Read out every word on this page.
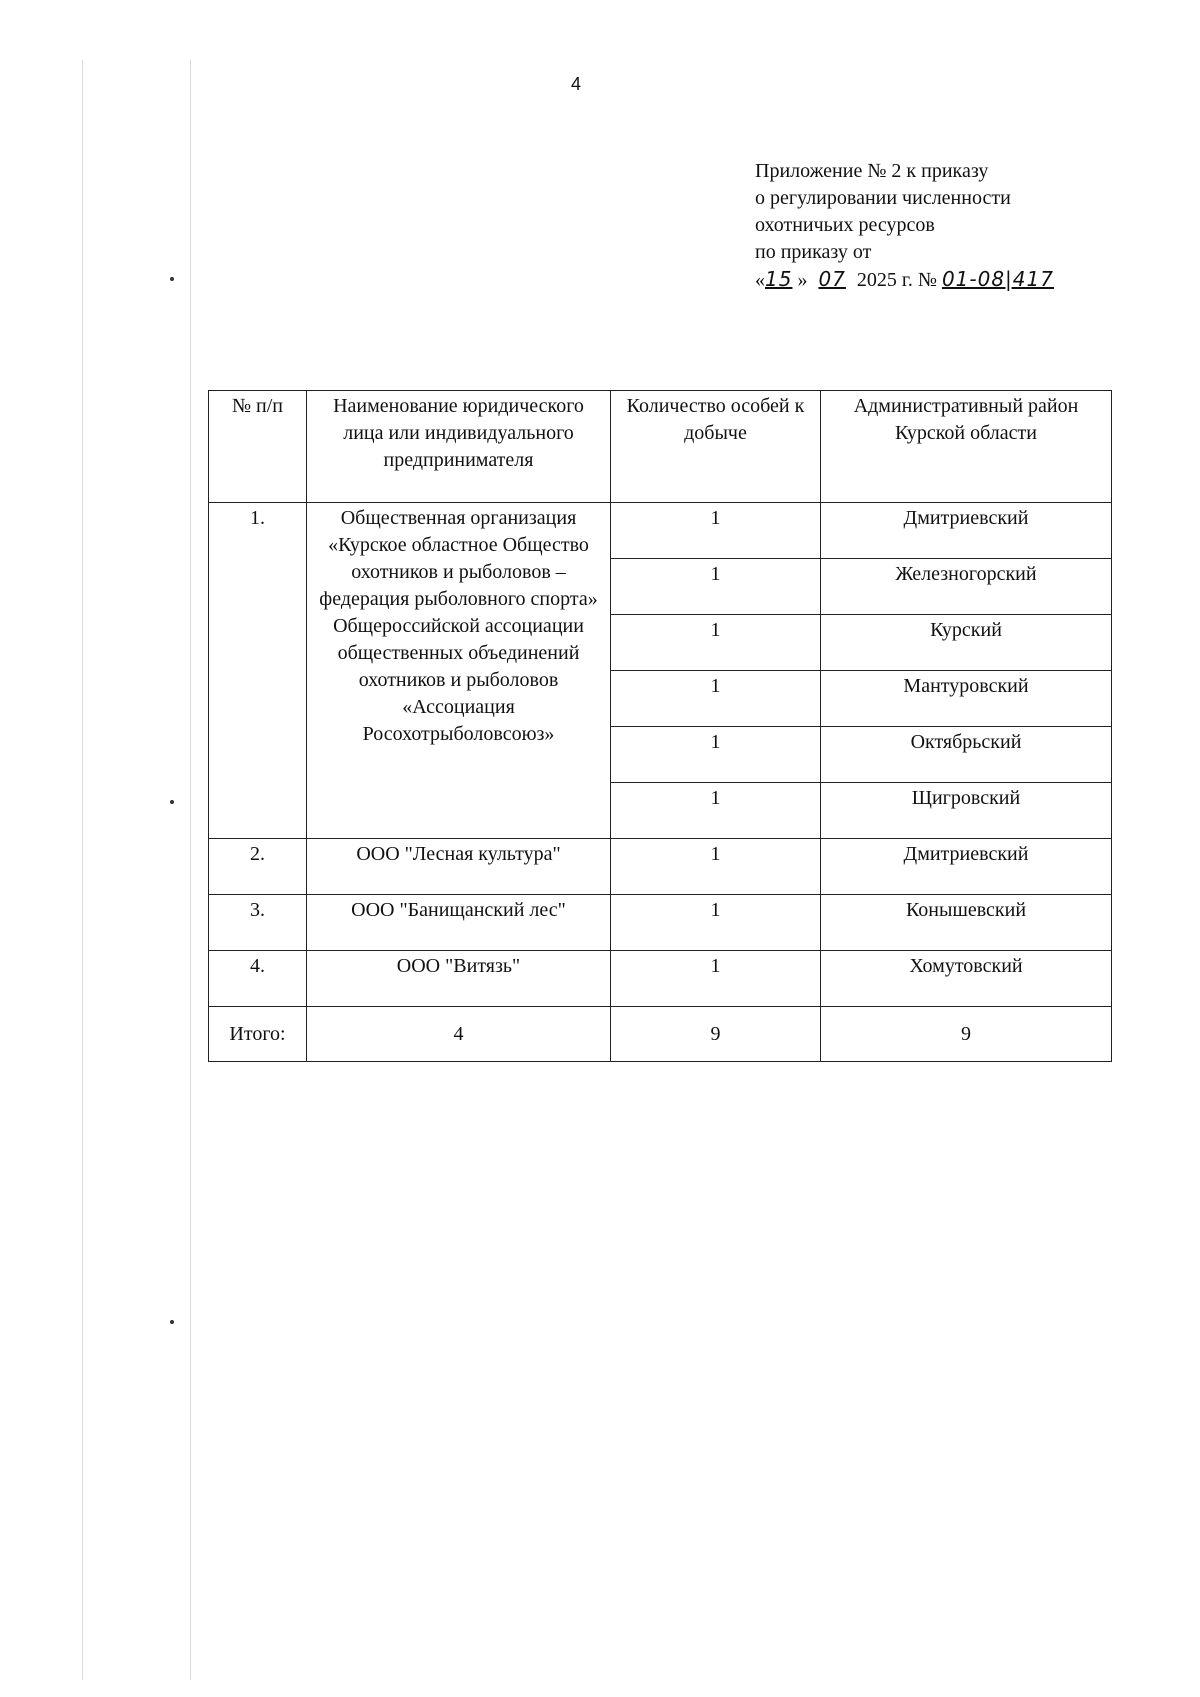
4
Приложение № 2 к приказу
о регулировании численности
охотничьих ресурсов
по приказу от
«15 » 07 2025 г. № 01-08|417
№ п/п	Наименование юридического лица или индивидуального предпринимателя	Количество особей к добыче	Административный район Курской области
1.	Общественная организация «Курское областное Общество охотников и рыболовов – федерация рыболовного спорта» Общероссийской ассоциации общественных объединений охотников и рыболовов «Ассоциация Росохотрыболовсоюз»	1	Дмитриевский
		1	Железногорский
		1	Курский
		1	Мантуровский
		1	Октябрьский
		1	Щигровский
2.	ООО "Лесная культура"	1	Дмитриевский
3.	ООО "Банищанский лес"	1	Конышевский
4.	ООО "Витязь"	1	Хомутовский
Итого:	4	9	9
